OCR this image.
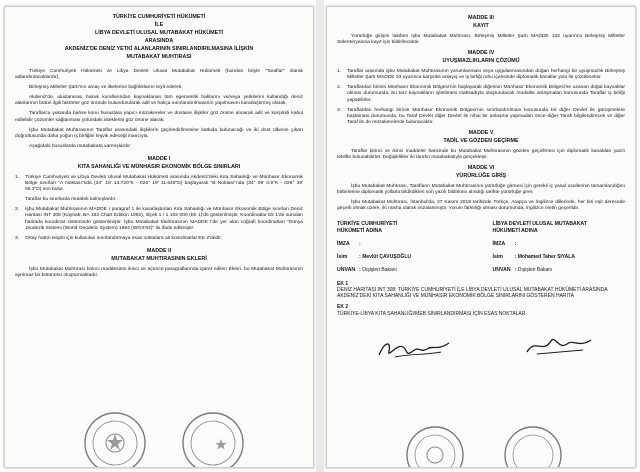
TÜRKİYE CUMHURİYETİ HÜKÜMETİ
İLE
LİBYA DEVLETİ ULUSAL MUTABAKAT HÜKÜMETİ
ARASINDA
AKDENİZ'DE DENİZ YETKİ ALANLARININ SINIRLANDIRILMASINA İLİŞKİN
MUTABAKAT MUHTIRASI

Türkiye Cumhuriyeti Hükümeti ve Libya Devleti Ulusal Mutabakat Hükümeti (bundan böyle "Taraflar" olarak adlandırılacaklardır),

Birleşmiş Milletler Şartı'nın amaç ve ilkelerine bağlılıklarını teyit ederek,

Akdeniz'de, uluslararası hukuk kurallarından kaynaklanan tüm egemenlik haklarını ve/veya yetkilerini kullandığı deniz alanlarının bütün ilgili faktörler göz önünde bulundurularak adil ve hakça sınırlandırılmasının yapılmasını kararlaştırmış olarak,

Taraflarca yukarıda bahse konu hususlara yapıcı müzakereler ve dostane ilişkiler göz önüne alınarak adil ve karşılıklı kabul edilebilir çözümler sağlanması yolundaki isteklerini göz önüne alarak,

İşbu Mutabakat Muhtırasının Taraflar arasındaki ilişkilerin güçlendirilmesine katkıda bulunacağı ve iki dost ülkenin çıkarı doğrultusunda daha yoğun iş birliğini teşvik edeceği inancıyla,

Aşağıdaki hususlarda mutabakata varmışlardır:

MADDE I
KITA SAHANLIĞI VE MÜNHASIR EKONOMİK BÖLGE SINIRLARI
1.	Türkiye Cumhuriyeti ve Libya Devleti Ulusal Mutabakat Hükümeti arasında Akdeniz'deki Kıta Sahanlığı ve Münhasır Ekonomik Bölge sınırları "A Noktası"nda (34° 16' 13.720"K - 026° 19' 11.640"D) başlayarak "B Noktası"nda (34° 09' 0.9"K - 026° 39' 06.3"D) son bulur.
Taraflar bu sınırlarda mutabık kalmışlardır.
2.	İşbu Mutabakat Muhtırasının MADDE I paragraf 1 ile kararlaştırılan Kıta Sahanlığı ve Münhasır Ekonomik Bölge sınırları Deniz Haritası INT 308 (Kaynak: BA 183 Chart Edition 1992), ölçek 1 / 1 102 000 (Ek 1)'de gösterilmiştir. Koordinatlar Ek 1'de sunulan haritada koordinat sisteminde gösterilmiştir. İşbu Mutabakat Muhtırasının MADDE I'de yer alan coğrafi koordinatları "Dünya Jeodezik Sistemi (World Geodetic System) 1984 (WGS'84)" ile ifade edilmiştir.
3.	Ortay hattın tespiti için kullanılan sınırlandırmaya esas noktalara ait koordinatlar EK 2'dedir.
MADDE II
MUTABAKAT MUHTIRASININ EKLERİ

İşbu Mutabakat Muhtırası birinci maddesinin ikinci ve üçüncü paragraflarında işaret edilen Ekleri, bu Mutabakat Muhtırasının ayrılmaz bir bütününü oluşturmaktadır.

MADDE III
KAYIT

Yürürlüğe girişini takiben işbu Mutabakat Muhtırası, Birleşmiş Milletler Şartı MADDE 102 uyarınca Birleşmiş Milletler Sekreteryasına kayıt için bildirilecektir.

MADDE IV
UYUŞMAZLIKLARIN ÇÖZÜMÜ
1.	Taraflar arasında işbu Mutabakat Muhtırasının yorumlanması veya uygulanmasından doğan herhangi bir uyuşmazlık Birleşmiş Milletler Şartı MADDE 33 uyarınca karşılıklı anlayış ve iş birliği ruhu içerisinde diplomatik kanallar yolu ile çözülecektir.
2.	Taraflardan birinin Münhasır Ekonomik Bölgesi'nin başlayarak diğerinin Münhasır Ekonomik Bölgesi'ne uzanan doğal kaynaklar olması durumunda, bu tarz kaynakların işletilmesi maksadıyla oluşturulacak modalite anlaşmaları konusunda Taraflar iş birliği yapabilirler.
3.	Taraflardan herhangi birinin Münhasır Ekonomik Bölgesi'nin sınırlandırılması konusunda bir diğer Devlet ile görüşmelere başlaması durumunda, bu Taraf Devlet diğer Devlet ile nihai bir anlaşma yapmadan önce diğer Tarafı bilgilendirecek ve diğer Taraf ile de müzakerelerde bulunacaktır.
MADDE V
TADİL VE GÖZDEN GEÇİRME

Taraflar birinci ve ikinci maddeler haricinde bu Mutabakat Muhtırasının gözden geçirilmesi için diplomatik kanaldan yazılı teklifte bulunabilirler. Değişiklikler iki tarafın mutabakatıyla gerçekleşir.

MADDE VI
YÜRÜRLÜĞE GİRİŞ

İşbu Mutabakat Muhtırası, Tarafların Mutabakat Muhtırasının yürürlüğe girmesi için gerekli iç yasal usullerinin tamamlandığını birbirlerine diplomatik yollarla bildirdikleri son yazılı bildirimin alındığı tarihte yürürlüğe girer.

İşbu Mutabakat Muhtırası, İstanbul'da, 27 Kasım 2019 tarihinde Türkçe, Arapça ve İngilizce dillerinde, her biri eşit derecede geçerli olmak üzere, iki nüsha olarak imzalanmıştır. Yorum farklılığı olması durumunda, İngilizce metin geçerlidir.

TÜRKİYE CUMHURİYETİ
HÜKÜMETİ ADINA
İMZA	:
İsim	:
Mevlüt ÇAVUŞOĞLU
UNVAN :
Dışişleri Bakanı
LİBYA DEVLETİ ULUSAL MUTABAKAT
HÜKÜMETİ ADINA
İMZA	:
İsim	:
Mohamed Taher SIYALA
UNVAN :
Dışişleri Bakanı
EK 1
DENİZ HARİTASI INT 308: TÜRKİYE CUMHURİYETİ İLE LİBYA DEVLETİ ULUSAL MUTABAKAT HÜKÜMETİ ARASINDA AKDENİZ'DEKİ KITA SAHANLIĞI VE MÜNHASIR EKONOMİK BÖLGE SINIRLARINI GÖSTEREN HARİTA
EK 2
TÜRKİYE-LİBYA KITA SAHANLIĞI/MEB SINIRLANDIRMASI İÇİN ESAS NOKTALAR
